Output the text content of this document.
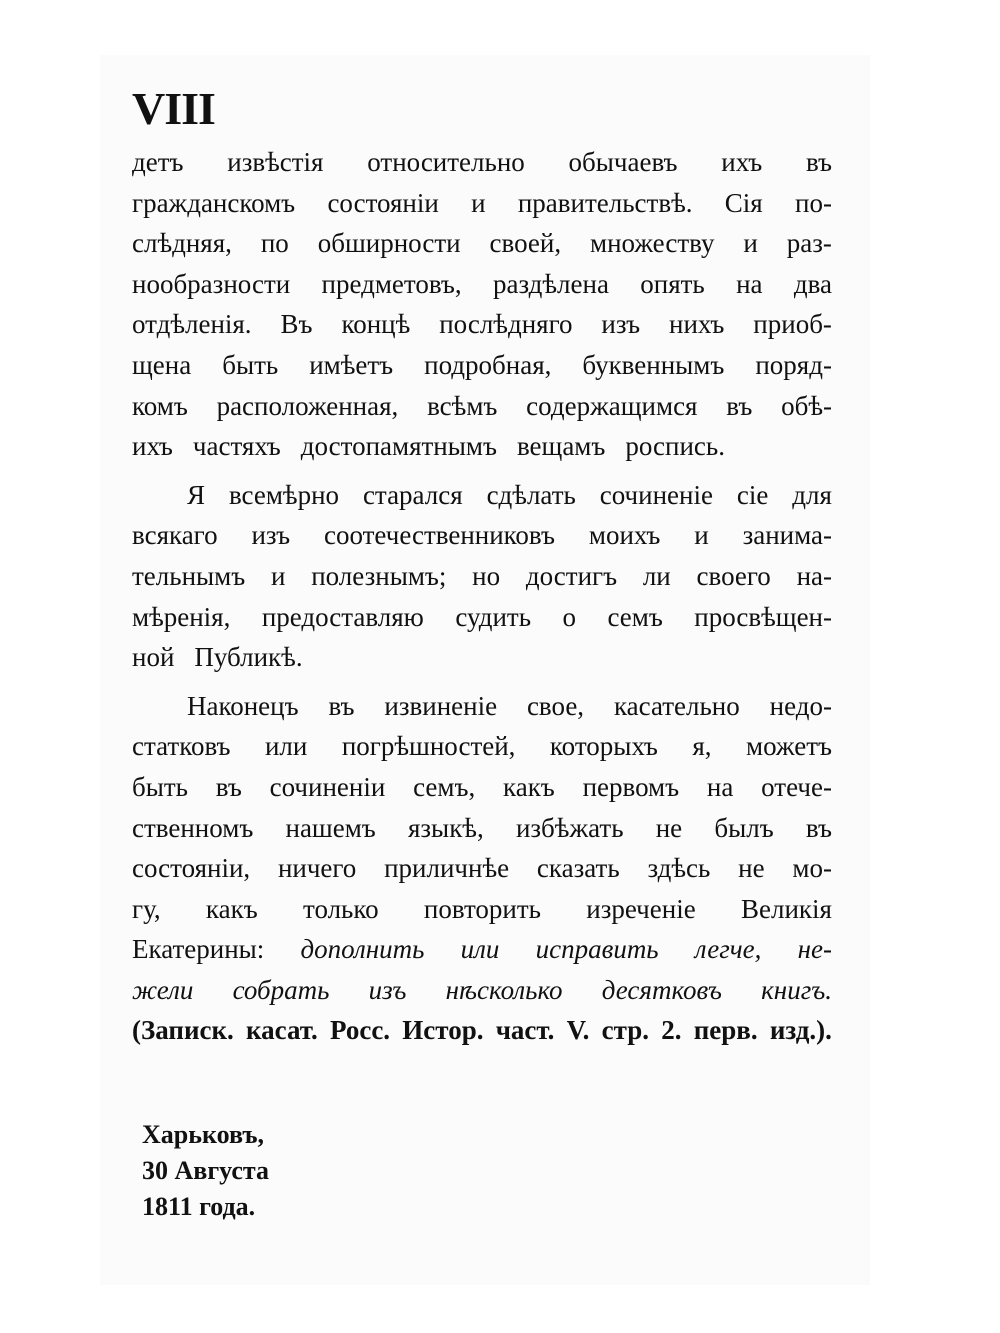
VIII
детъ извѣстія относительно обычаевъ ихъ въ
гражданскомъ состояніи и правительствѣ. Сія по-
слѣдняя, по обширности своей, множеству и раз-
нообразности предметовъ, раздѣлена опять на два
отдѣленія. Въ концѣ послѣдняго изъ нихъ приоб-
щена быть имѣетъ подробная, буквеннымъ поряд-
комъ расположенная, всѣмъ содержащимся въ обѣ-
ихъ частяхъ достопамятнымъ вещамъ роспись.
Я всемѣрно старался сдѣлать сочиненіе сіе для
всякаго изъ соотечественниковъ моихъ и занима-
тельнымъ и полезнымъ; но достигъ ли своего на-
мѣренія, предоставляю судить о семъ просвѣщен-
ной Публикѣ.
Наконецъ въ извиненіе свое, касательно недо-
статковъ или погрѣшностей, которыхъ я, можетъ
быть въ сочиненіи семъ, какъ первомъ на отече-
ственномъ нашемъ языкѣ, избѣжать не былъ въ
состояніи, ничего приличнѣе сказать здѣсь не мо-
гу, какъ только повторить изреченіе Великія
Екатерины: дополнить или исправить легче, не-
жели собрать изъ нѣсколько десятковъ книгъ.
(Записк. касат. Росс. Истор. част. V. стр. 2. перв. изд.).
Харьковъ,
30 Августа
1811 года.
